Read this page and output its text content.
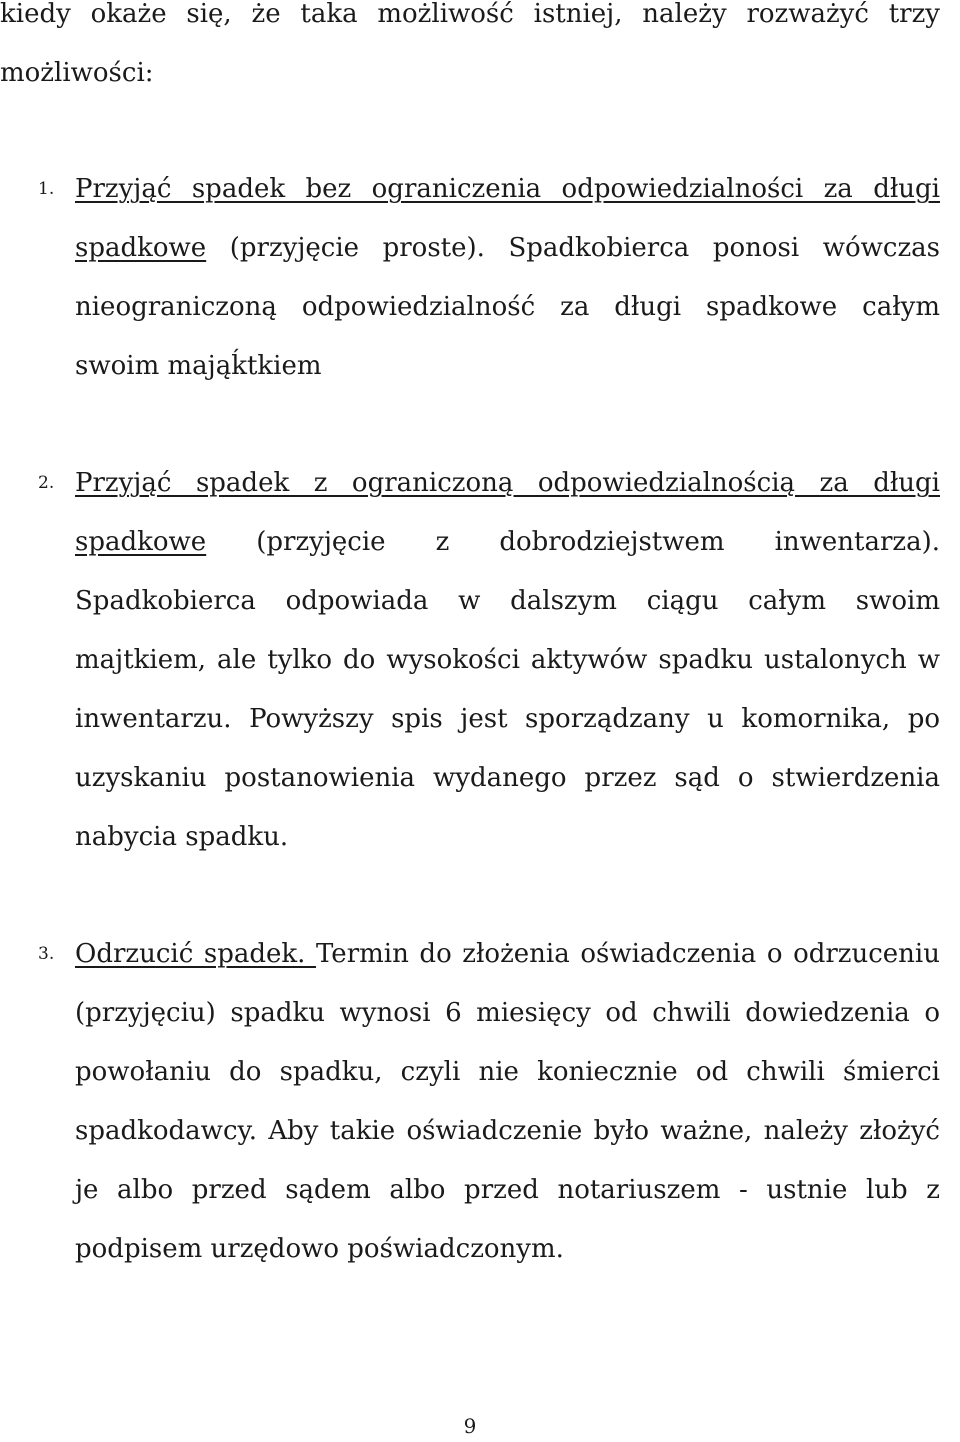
kiedy okaże się, że taka możliwość istniej, należy rozważyć trzy możliwości:

1. Przyjąć spadek bez ograniczenia odpowiedzialności za długi spadkowe (przyjęcie proste). Spadkobierca ponosi wówczas nieograniczoną odpowiedzialność za długi spadkowe całym swoim mająḱtkiem

2. Przyjąć spadek z ograniczoną odpowiedzialnością za długi spadkowe (przyjęcie z dobrodziejstwem inwentarza). Spadkobierca odpowiada w dalszym ciągu całym swoim majtkiem, ale tylko do wysokości aktywów spadku ustalonych w inwentarzu. Powyższy spis jest sporządzany u komornika, po uzyskaniu postanowienia wydanego przez sąd o stwierdzenia nabycia spadku.

3. Odrzucić spadek. Termin do złożenia oświadczenia o odrzuceniu (przyjęciu) spadku wynosi 6 miesięcy od chwili dowiedzenia o powołaniu do spadku, czyli nie koniecznie od chwili śmierci spadkodawcy. Aby takie oświadczenie było ważne, należy złożyć je albo przed sądem albo przed notariuszem - ustnie lub z podpisem urzędowo poświadczonym.

9
